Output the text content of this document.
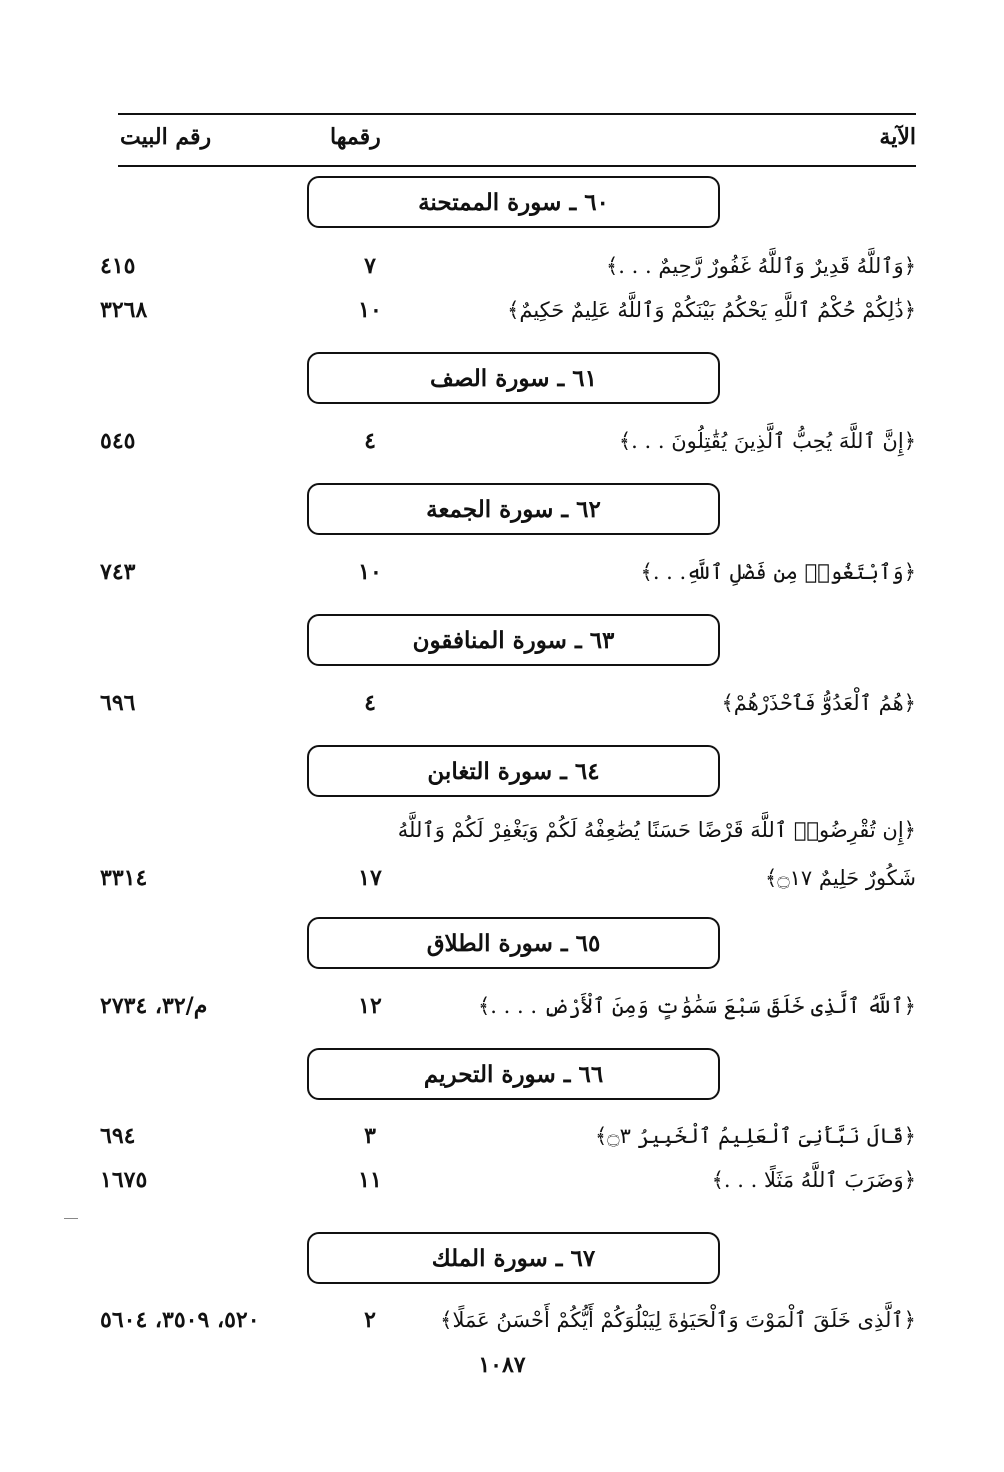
الآية
رقمها
رقم البيت
٦٠ ـ سورة الممتحنة
﴿وَٱللَّهُ قَدِيرٌ وَٱللَّهُ غَفُورٌ رَّحِيمٌ . . .﴾
٧
٤١٥
﴿ذَٰلِكُمْ حُكْمُ ٱللَّهِ يَحْكُمُ بَيْنَكُمْ وَٱللَّهُ عَلِيمٌ حَكِيمٌ﴾
١٠
٣٢٦٨
٦١ ـ سورة الصف
﴿إِنَّ ٱللَّهَ يُحِبُّ ٱلَّذِينَ يُقَٰتِلُونَ . . .﴾
٤
٥٤٥
٦٢ ـ سورة الجمعة
﴿وَٱبْتَغُوا۟ مِن فَضْلِ ٱللَّهِ. . .﴾
١٠
٧٤٣
٦٣ ـ سورة المنافقون
﴿هُمُ ٱلْعَدُوُّ فَٱحْذَرْهُمْ﴾
٤
٦٩٦
٦٤ ـ سورة التغابن
﴿إِن تُقْرِضُوا۟ ٱللَّهَ قَرْضًا حَسَنًا يُضَٰعِفْهُ لَكُمْ وَيَغْفِرْ لَكُمْ وَٱللَّهُ شَكُورٌ حَلِيمٌ ۝١٧﴾
١٧
٣٣١٤
٦٥ ـ سورة الطلاق
﴿ٱللَّهُ ٱلَّذِى خَلَقَ سَبْعَ سَمَٰوَٰتٍ وَمِنَ ٱلْأَرْضِ . . . .﴾
١٢
م/٣٢، ٢٧٣٤
٦٦ ـ سورة التحريم
﴿قَالَ نَبَّأَنِىَ ٱلْعَلِيمُ ٱلْخَبِيرُ ۝٣﴾
٣
٦٩٤
﴿وَضَرَبَ ٱللَّهُ مَثَلًا . . .﴾
١١
١٦٧٥
٦٧ ـ سورة الملك
﴿ٱلَّذِى خَلَقَ ٱلْمَوْتَ وَٱلْحَيَوٰةَ لِيَبْلُوَكُمْ أَيُّكُمْ أَحْسَنُ عَمَلًا﴾
٢
٥٢٠، ٣٥٠٩، ٥٦٠٤
١٠٨٧
